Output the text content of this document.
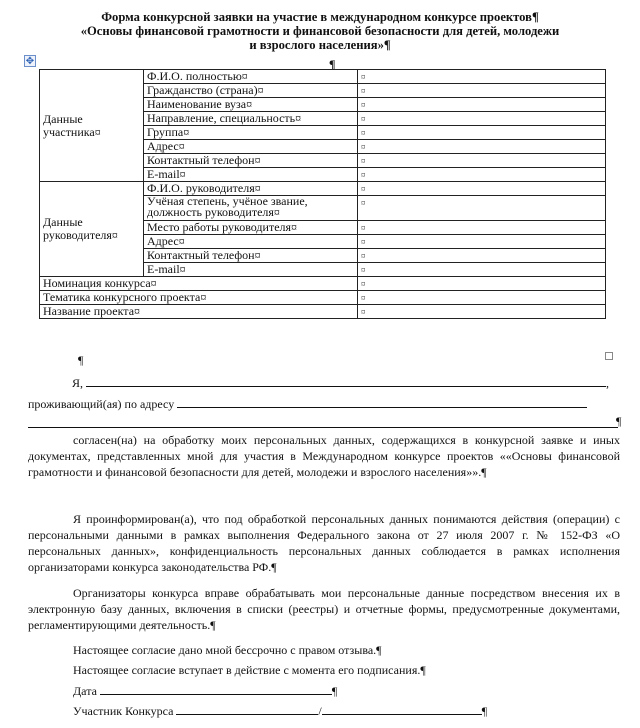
Форма конкурсной заявки на участие в международном конкурсе проектов¶
«Основы финансовой грамотности и финансовой безопасности для детей, молодежи
и взрослого населения»¶
✥	¶
Данные участника¤	Ф.И.О. полностью¤	¤
	Гражданство (страна)¤	¤
	Наименование вуза¤	¤
	Направление, специальность¤	¤
	Группа¤	¤
	Адрес¤	¤
	Контактный телефон¤	¤
	E-mail¤	¤
Данные руководителя¤	Ф.И.О. руководителя¤	¤
	Учёная степень, учёное звание, должность руководителя¤	¤
	Место работы руководителя¤	¤
	Адрес¤	¤
	Контактный телефон¤	¤
	E-mail¤	¤
Номинация конкурса¤		¤
Тематика конкурсного проекта¤		¤
Название проекта¤		¤
¶
Я,	,
проживающий(ая) по адресу
¶
согласен(на) на обработку моих персональных данных, содержащихся в конкурсной заявке и иных документах, представленных мной для участия в Международном конкурсе проектов ««Основы финансовой грамотности и финансовой безопасности для детей, молодежи и взрослого населения»».¶
Я проинформирован(а), что под обработкой персональных данных понимаются действия (операции) с персональными данными в рамках выполнения Федерального закона от 27 июля 2007 г. № 152-ФЗ «О персональных данных», конфиденциальность персональных данных соблюдается в рамках исполнения организаторами конкурса законодательства РФ.¶
Организаторы конкурса вправе обрабатывать мои персональные данные посредством внесения их в электронную базу данных, включения в списки (реестры) и отчетные формы, предусмотренные документами, регламентирующими деятельность.¶
Настоящее согласие дано мной бессрочно с правом отзыва.¶
Настоящее согласие вступает в действие с момента его подписания.¶
Дата	¶
Участник Конкурса	/	¶
